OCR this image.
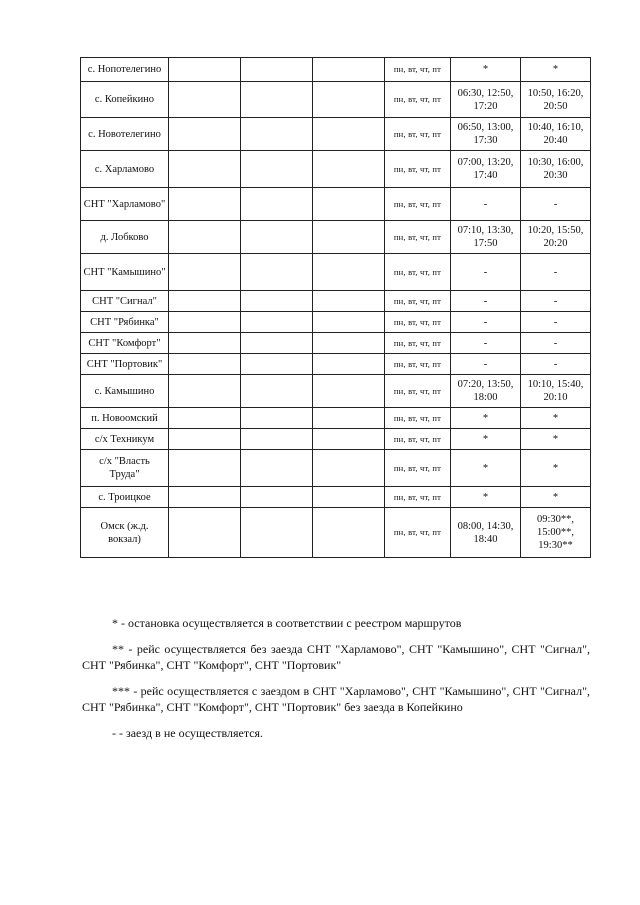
с. Нопотелегино				пн, вт, чт, пт	*	*
с. Копейкино				пн, вт, чт, пт	06:30, 12:50, 17:20	10:50, 16:20, 20:50
с. Новотелегино				пн, вт, чт, пт	06:50, 13:00, 17:30	10:40, 16:10, 20:40
с. Харламово				пн, вт, чт, пт	07:00, 13:20, 17:40	10:30, 16:00, 20:30
СНТ "Харламово"				пн, вт, чт, пт	-	-
д. Лобково				пн, вт, чт, пт	07:10, 13:30, 17:50	10:20, 15:50, 20:20
СНТ "Камышино"				пн, вт, чт, пт	-	-
СНТ "Сигнал"				пн, вт, чт, пт	-	-
СНТ "Рябинка"				пн, вт, чт, пт	-	-
СНТ "Комфорт"				пн, вт, чт, пт	-	-
СНТ "Портовик"				пн, вт, чт, пт	-	-
с. Камышино				пн, вт, чт, пт	07:20, 13:50, 18:00	10:10, 15:40, 20:10
п. Новоомский				пн, вт, чт, пт	*	*
с/х Техникум				пн, вт, чт, пт	*	*
с/х "Власть Труда"				пн, вт, чт, пт	*	*
с. Троицкое				пн, вт, чт, пт	*	*
Омск (ж.д. вокзал)				пн, вт, чт, пт	08:00, 14:30, 18:40	09:30**, 15:00**, 19:30**

* - остановка осуществляется в соответствии с реестром маршрутов

** - рейс осуществляется без заезда СНТ "Харламово", СНТ "Камышино", СНТ "Сигнал", СНТ "Рябинка", СНТ "Комфорт", СНТ "Портовик"

*** - рейс осуществляется с заездом в СНТ "Харламово", СНТ "Камышино", СНТ "Сигнал", СНТ "Рябинка", СНТ "Комфорт", СНТ "Портовик" без заезда в Копейкино

- - заезд в не осуществляется.
